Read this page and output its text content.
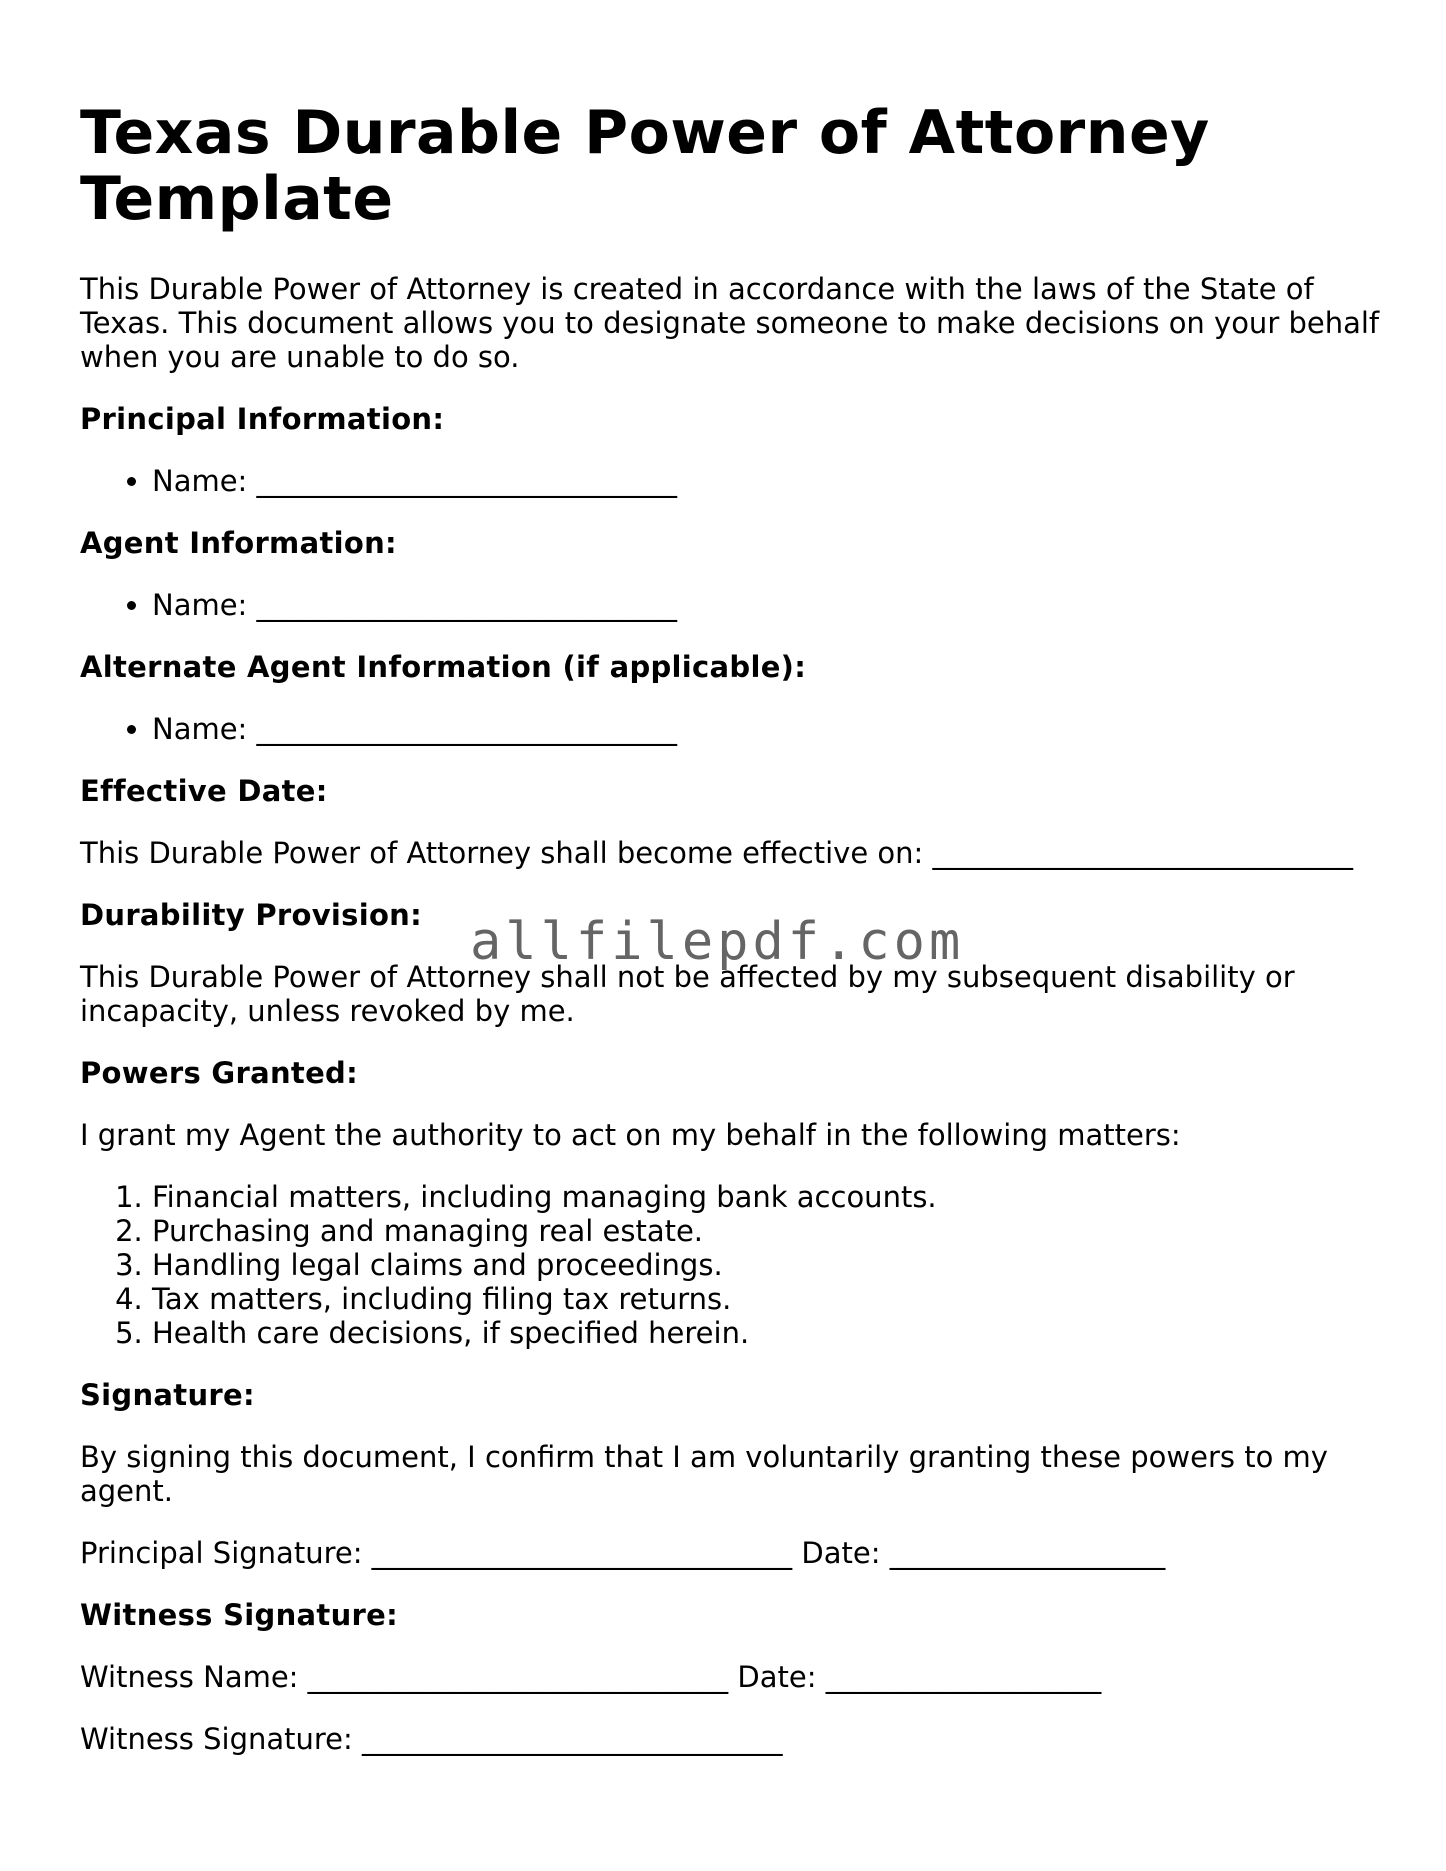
Texas Durable Power of Attorney Template

This Durable Power of Attorney is created in accordance with the laws of the State of Texas. This document allows you to designate someone to make decisions on your behalf when you are unable to do so.

Principal Information:
• Name: _____________________________
Agent Information:
• Name: _____________________________
Alternate Agent Information (if applicable):
• Name: _____________________________
Effective Date:

This Durable Power of Attorney shall become effective on: _____________________________

Durability Provision:

This Durable Power of Attorney shall not be affected by my subsequent disability or incapacity, unless revoked by me.

Powers Granted:

I grant my Agent the authority to act on my behalf in the following matters:

1. Financial matters, including managing bank accounts.
2. Purchasing and managing real estate.
3. Handling legal claims and proceedings.
4. Tax matters, including filing tax returns.
5. Health care decisions, if specified herein.
Signature:

By signing this document, I confirm that I am voluntarily granting these powers to my agent.

Principal Signature: _____________________________ Date: ___________________

Witness Signature:

Witness Name: _____________________________ Date: ___________________

Witness Signature: _____________________________

allfilepdf.com
